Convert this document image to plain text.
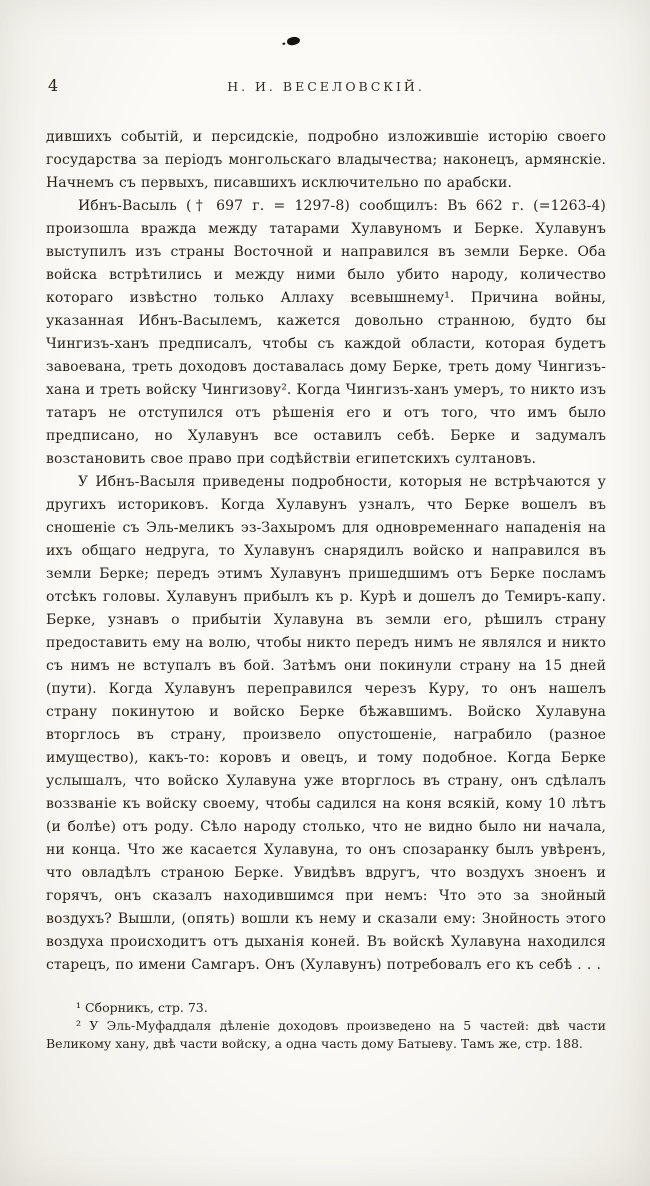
4	Н. И. ВЕСЕЛОВСКІЙ.

дившихъ событій, и персидскіе, подробно изложившіе исторію своего государства за періодъ монгольскаго владычества; наконецъ, армянскіе. Начнемъ съ первыхъ, писавшихъ исключительно по арабски.

Ибнъ-Васыль († 697 г. = 1297-8) сообщилъ: Въ 662 г. (=1263-4) произошла вражда между татарами Хулавуномъ и Берке. Хулавунъ выступилъ изъ страны Восточной и направился въ земли Берке. Оба войска встрѣтились и между ними было убито народу, количество котораго извѣстно только Аллаху всевышнему¹. Причина войны, указанная Ибнъ-Васылемъ, кажется довольно странною, будто бы Чингизъ-ханъ предписалъ, чтобы съ каждой области, которая будетъ завоевана, треть доходовъ доставалась дому Берке, треть дому Чингизъ-хана и треть войску Чингизову². Когда Чингизъ-ханъ умеръ, то никто изъ татаръ не отступился отъ рѣшенія его и отъ того, что имъ было предписано, но Хулавунъ все оставилъ себѣ. Берке и задумалъ возстановить свое право при содѣйствіи египетскихъ султановъ.

У Ибнъ-Васыля приведены подробности, которыя не встрѣчаются у другихъ историковъ. Когда Хулавунъ узналъ, что Берке вошелъ въ сношеніе съ Эль-меликъ эз-Захыромъ для одновременнаго нападенія на ихъ общаго недруга, то Хулавунъ снарядилъ войско и направился въ земли Берке; передъ этимъ Хулавунъ пришедшимъ отъ Берке посламъ отсѣкъ головы. Хулавунъ прибылъ къ р. Курѣ и дошелъ до Темиръ-капу. Берке, узнавъ о прибытіи Хулавуна въ земли его, рѣшилъ страну предоставить ему на волю, чтобы никто передъ нимъ не являлся и никто съ нимъ не вступалъ въ бой. Затѣмъ они покинули страну на 15 дней (пути). Когда Хулавунъ переправился черезъ Куру, то онъ нашелъ страну покинутою и войско Берке бѣжавшимъ. Войско Хулавуна вторглось въ страну, произвело опустошеніе, награбило (разное имущество), какъ-то: коровъ и овецъ, и тому подобное. Когда Берке услышалъ, что войско Хулавуна уже вторглось въ страну, онъ сдѣлалъ воззваніе къ войску своему, чтобы садился на коня всякій, кому 10 лѣтъ (и болѣе) отъ роду. Сѣло народу столько, что не видно было ни начала, ни конца. Что же касается Хулавуна, то онъ спозаранку былъ увѣренъ, что овладѣлъ страною Берке. Увидѣвъ вдругъ, что воздухъ зноенъ и горячъ, онъ сказалъ находившимся при немъ: Что это за знойный воздухъ? Вышли, (опять) вошли къ нему и сказали ему: Знойность этого воздуха происходитъ отъ дыханія коней. Въ войскѣ Хулавуна находился старецъ, по имени Самгаръ. Онъ (Хулавунъ) потребовалъ его къ себѣ . . .

¹ Сборникъ, стр. 73.

² У Эль-Муфаддаля дѣленіе доходовъ произведено на 5 частей: двѣ части Великому хану, двѣ части войску, а одна часть дому Батыеву. Тамъ же, стр. 188.
